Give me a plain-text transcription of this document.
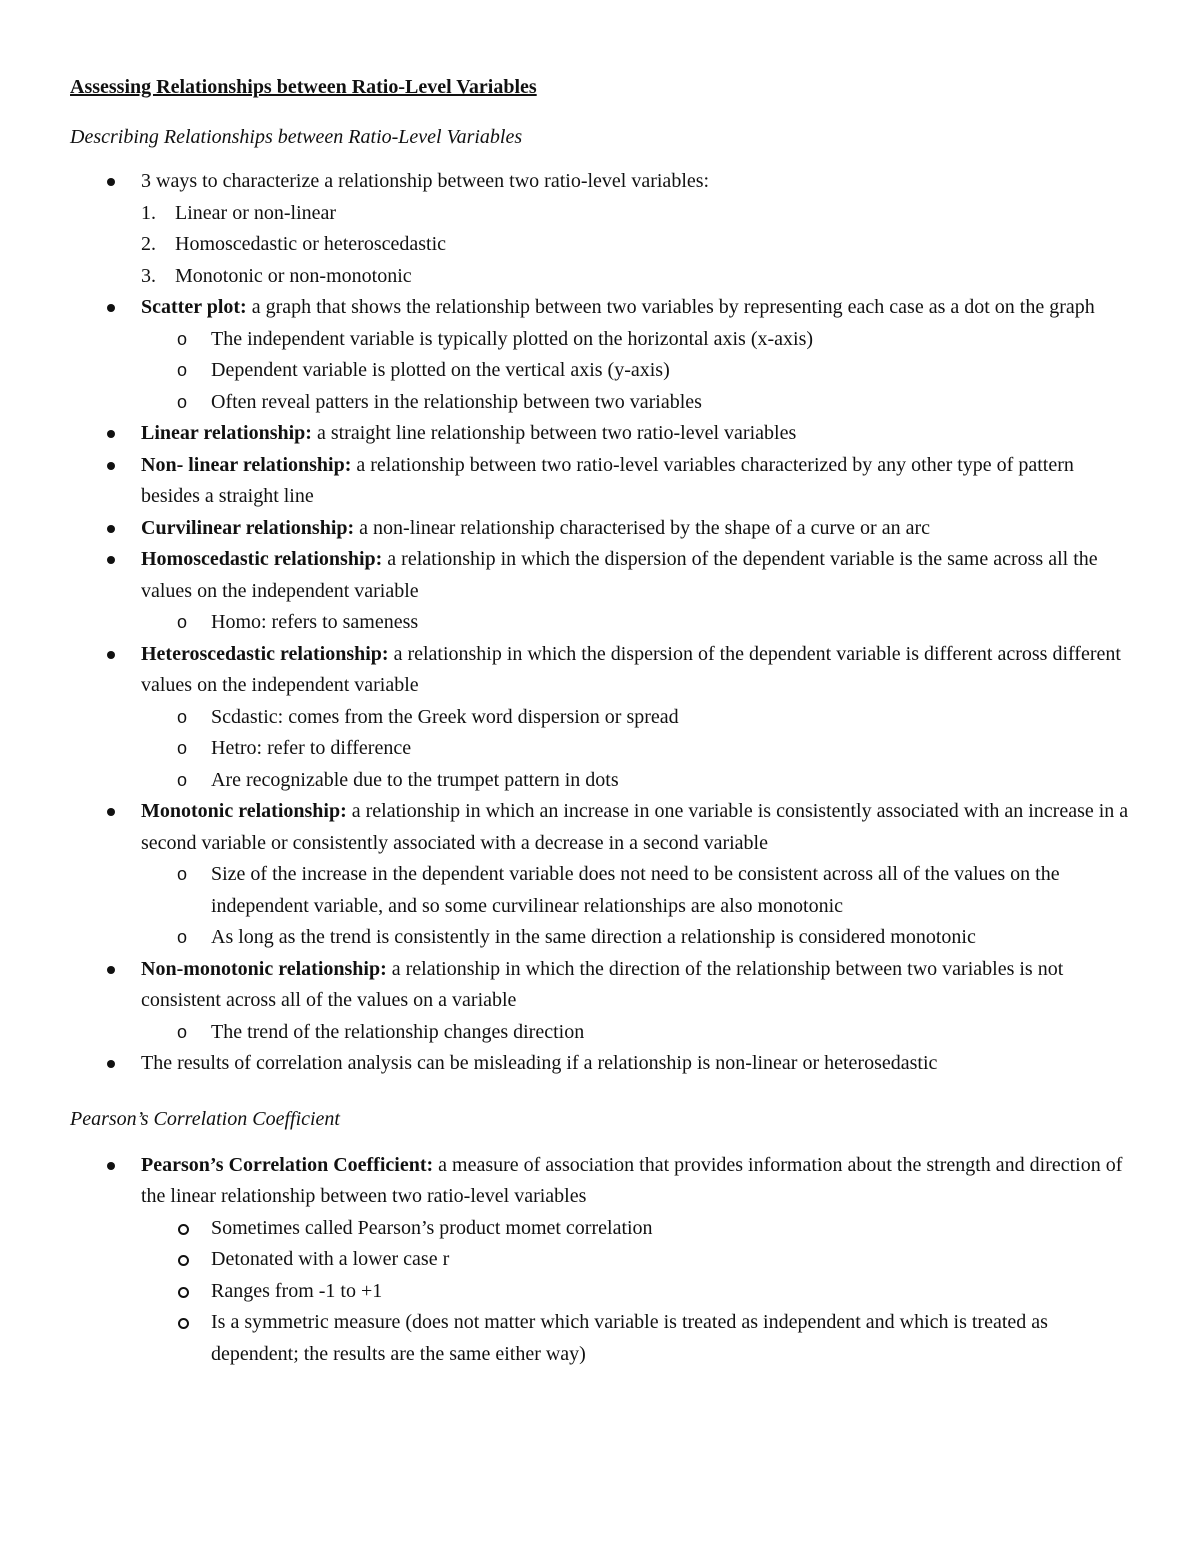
Assessing Relationships between Ratio-Level Variables

Describing Relationships between Ratio-Level Variables

3 ways to characterize a relationship between two ratio-level variables:
1. Linear or non-linear
2. Homoscedastic or heteroscedastic
3. Monotonic or non-monotonic
Scatter plot: a graph that shows the relationship between two variables by representing each case as a dot on the graph
o The independent variable is typically plotted on the horizontal axis (x-axis)
o Dependent variable is plotted on the vertical axis (y-axis)
o Often reveal patters in the relationship between two variables
Linear relationship: a straight line relationship between two ratio-level variables
Non- linear relationship: a relationship between two ratio-level variables characterized by any other type of pattern besides a straight line
Curvilinear relationship: a non-linear relationship characterised by the shape of a curve or an arc
Homoscedastic relationship: a relationship in which the dispersion of the dependent variable is the same across all the values on the independent variable
o Homo: refers to sameness
Heteroscedastic relationship: a relationship in which the dispersion of the dependent variable is different across different values on the independent variable
o Scdastic: comes from the Greek word dispersion or spread
o Hetro: refer to difference
o Are recognizable due to the trumpet pattern in dots
Monotonic relationship: a relationship in which an increase in one variable is consistently associated with an increase in a second variable or consistently associated with a decrease in a second variable
o Size of the increase in the dependent variable does not need to be consistent across all of the values on the independent variable, and so some curvilinear relationships are also monotonic
o As long as the trend is consistently in the same direction a relationship is considered monotonic
Non-monotonic relationship: a relationship in which the direction of the relationship between two variables is not consistent across all of the values on a variable
o The trend of the relationship changes direction
The results of correlation analysis can be misleading if a relationship is non-linear or heterosedastic

Pearson’s Correlation Coefficient

Pearson’s Correlation Coefficient: a measure of association that provides information about the strength and direction of the linear relationship between two ratio-level variables
Sometimes called Pearson’s product momet correlation
Detonated with a lower case r
Ranges from -1 to +1
Is a symmetric measure (does not matter which variable is treated as independent and which is treated as dependent; the results are the same either way)
